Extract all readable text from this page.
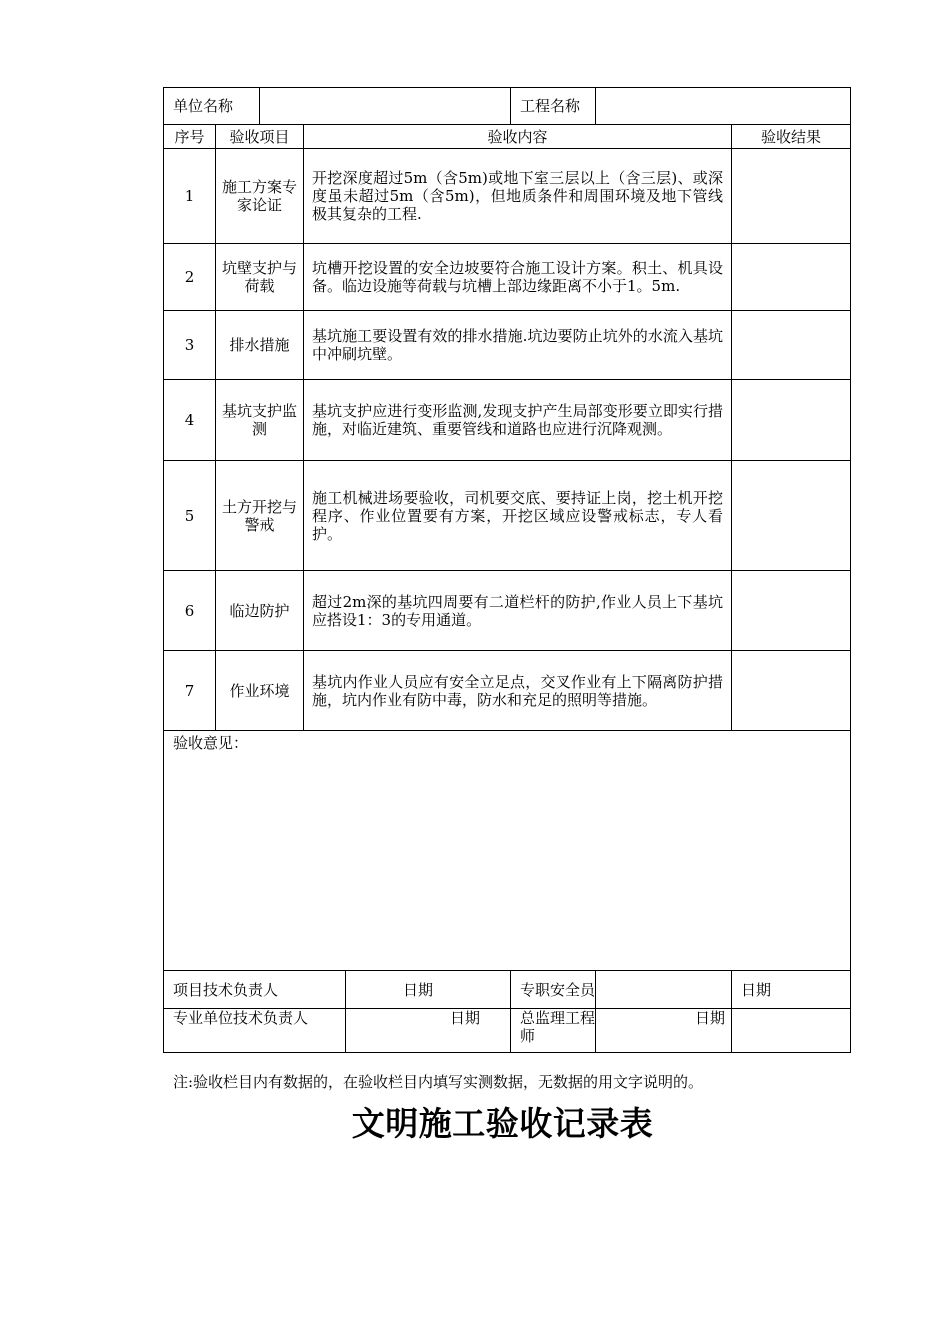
单位名称					工程名称		
序号	验收项目		验收内容				验收结果
1	施工方案专家论证		开挖深度超过5m（含5m)或地下室三层以上（含三层)、或深度虽未超过5m（含5m)，但地质条件和周围环境及地下管线极其复杂的工程.				
2	坑壁支护与荷载		坑槽开挖设置的安全边坡要符合施工设计方案。积土、机具设备。临边设施等荷载与坑槽上部边缘距离不小于1。5m.				
3	排水措施		基坑施工要设置有效的排水措施.坑边要防止坑外的水流入基坑中冲刷坑壁。				
4	基坑支护监测		基坑支护应进行变形监测,发现支护产生局部变形要立即实行措施，对临近建筑、重要管线和道路也应进行沉降观测。				
5	土方开挖与警戒		施工机械进场要验收，司机要交底、要持证上岗，挖土机开挖程序、作业位置要有方案，开挖区域应设警戒标志，专人看护。				
6	临边防护		超过2m深的基坑四周要有二道栏杆的防护,作业人员上下基坑应搭设1：3的专用通道。				
7	作业环境		基坑内作业人员应有安全立足点，交叉作业有上下隔离防护措施，坑内作业有防中毒，防水和充足的照明等措施。				
验收意见：							
项目技术负责人				日期	专职安全员		日期
专业单位技术负责人				日期	总监理工程师	日期	
注:验收栏目内有数据的，在验收栏目内填写实测数据，无数据的用文字说明的。
文明施工验收记录表
